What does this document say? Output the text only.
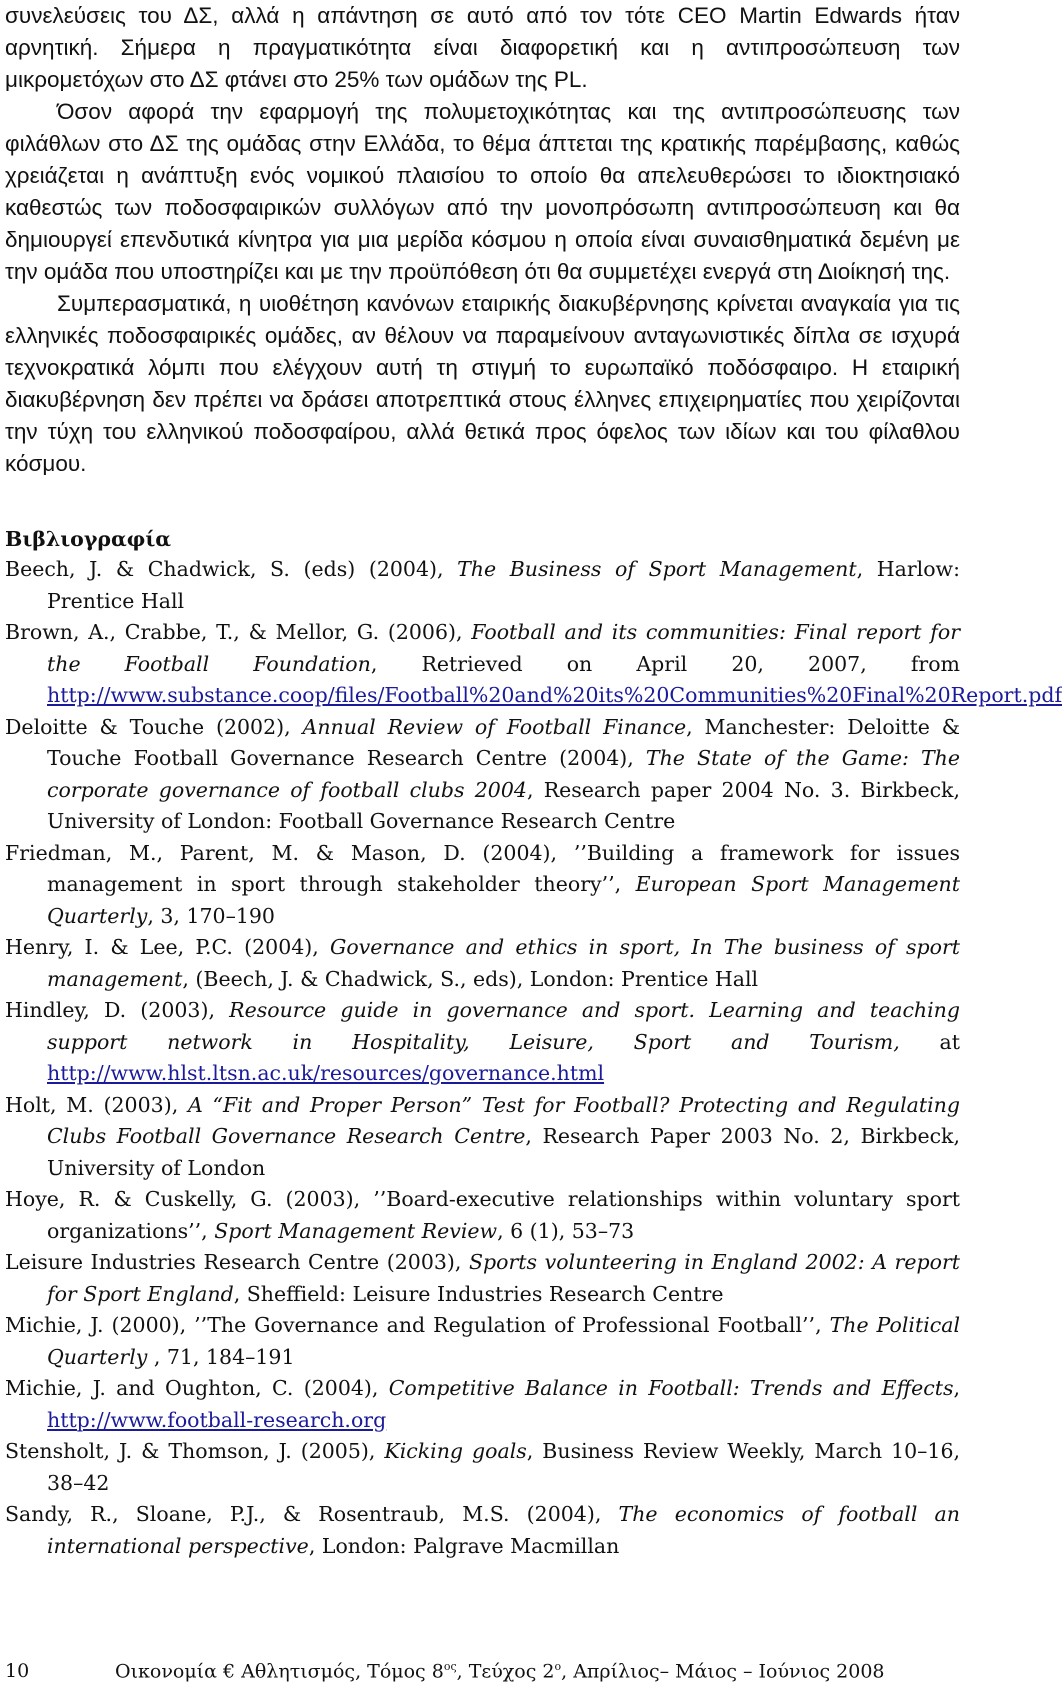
συνελεύσεις του ΔΣ, αλλά η απάντηση σε αυτό από τον τότε CEO Martin Edwards ήταν αρνητική. Σήμερα η πραγματικότητα είναι διαφορετική και η αντιπροσώπευση των μικρομετόχων στο ΔΣ φτάνει στο 25% των ομάδων της PL.

Όσον αφορά την εφαρμογή της πολυμετοχικότητας και της αντιπροσώπευσης των φιλάθλων στο ΔΣ της ομάδας στην Ελλάδα, το θέμα άπτεται της κρατικής παρέμβασης, καθώς χρειάζεται η ανάπτυξη ενός νομικού πλαισίου το οποίο θα απελευθερώσει το ιδιοκτησιακό καθεστώς των ποδοσφαιρικών συλλόγων από την μονοπρόσωπη αντιπροσώπευση και θα δημιουργεί επενδυτικά κίνητρα για μια μερίδα κόσμου η οποία είναι συναισθηματικά δεμένη με την ομάδα που υποστηρίζει και με την προϋπόθεση ότι θα συμμετέχει ενεργά στη Διοίκησή της.

Συμπερασματικά, η υιοθέτηση κανόνων εταιρικής διακυβέρνησης κρίνεται αναγκαία για τις ελληνικές ποδοσφαιρικές ομάδες, αν θέλουν να παραμείνουν ανταγωνιστικές δίπλα σε ισχυρά τεχνοκρατικά λόμπι που ελέγχουν αυτή τη στιγμή το ευρωπαϊκό ποδόσφαιρο. Η εταιρική διακυβέρνηση δεν πρέπει να δράσει αποτρεπτικά στους έλληνες επιχειρηματίες που χειρίζονται την τύχη του ελληνικού ποδοσφαίρου, αλλά θετικά προς όφελος των ιδίων και του φίλαθλου κόσμου.

Βιβλιογραφία

Beech, J. & Chadwick, S. (eds) (2004), The Business of Sport Management, Harlow: Prentice Hall

Brown, A., Crabbe, T., & Mellor, G. (2006), Football and its communities: Final report for the Football Foundation, Retrieved on April 20, 2007, from http://www.substance.coop/files/Football%20and%20its%20Communities%20Final%20Report.pdf

Deloitte & Touche (2002), Annual Review of Football Finance, Manchester: Deloitte & Touche Football Governance Research Centre (2004), The State of the Game: The corporate governance of football clubs 2004, Research paper 2004 No. 3. Birkbeck, University of London: Football Governance Research Centre

Friedman, M., Parent, M. & Mason, D. (2004), ’’Building a framework for issues management in sport through stakeholder theory’’, European Sport Management Quarterly, 3, 170–190

Henry, I. & Lee, P.C. (2004), Governance and ethics in sport, In The business of sport management, (Beech, J. & Chadwick, S., eds), London: Prentice Hall

Hindley, D. (2003), Resource guide in governance and sport. Learning and teaching support network in Hospitality, Leisure, Sport and Tourism, at http://www.hlst.ltsn.ac.uk/resources/governance.html

Holt, M. (2003), A “Fit and Proper Person” Test for Football? Protecting and Regulating Clubs Football Governance Research Centre, Research Paper 2003 No. 2, Birkbeck, University of London

Hoye, R. & Cuskelly, G. (2003), ’’Board-executive relationships within voluntary sport organizations’’, Sport Management Review, 6 (1), 53–73

Leisure Industries Research Centre (2003), Sports volunteering in England 2002: A report for Sport England, Sheffield: Leisure Industries Research Centre

Michie, J. (2000), ’’The Governance and Regulation of Professional Football’’, The Political Quarterly , 71, 184–191

Michie, J. and Oughton, C. (2004), Competitive Balance in Football: Trends and Effects, http://www.football-research.org

Stensholt, J. & Thomson, J. (2005), Kicking goals, Business Review Weekly, March 10–16, 38–42

Sandy, R., Sloane, P.J., & Rosentraub, M.S. (2004), The economics of football an international perspective, London: Palgrave Macmillan

10	Οικονομία € Αθλητισμός, Τόμος $8^{o\varsigma}$, Τεύχος $2^o$, Απρίλιος– Μάιος – Ιούνιος 2008
